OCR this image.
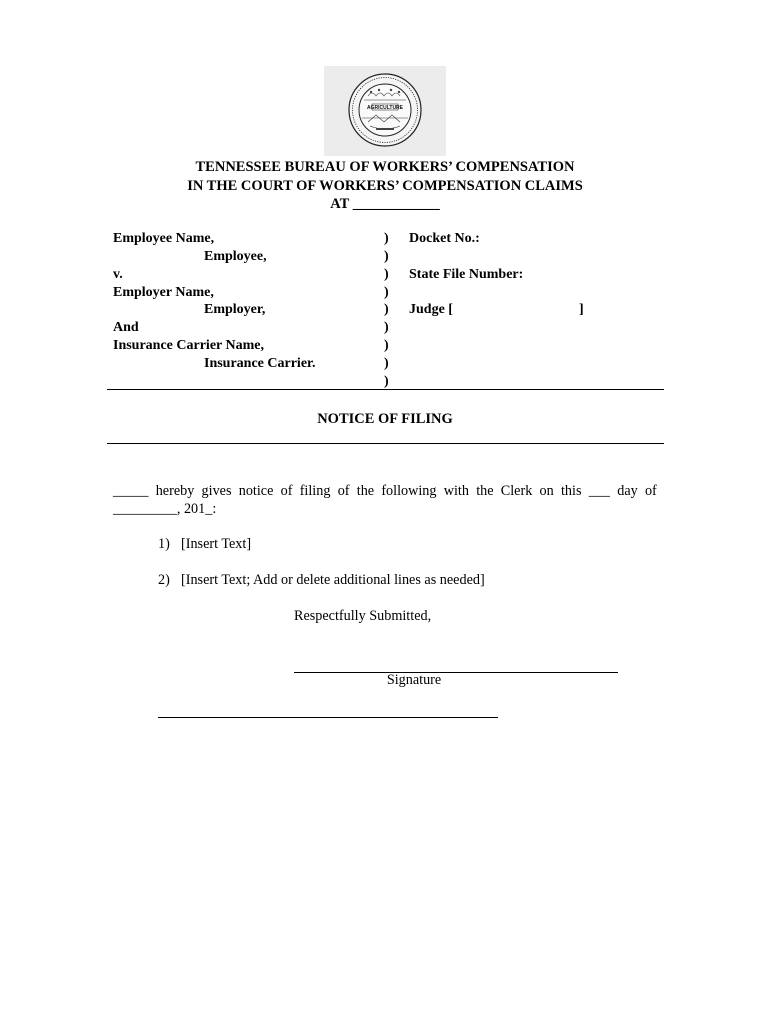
AGRICULTURE
TENNESSEE BUREAU OF WORKERS’ COMPENSATION
IN THE COURT OF WORKERS’ COMPENSATION CLAIMS
AT ____________
Employee Name,
Employee,
v.
Employer Name,
Employer,
And
Insurance Carrier Name,
Insurance Carrier.
)
)
)
)
)
)
)
)
)
Docket No.:
State File Number:
Judge [	]
NOTICE OF FILING
_____ hereby gives notice of filing of the following with the Clerk on this ___ day of
_________, 201_:
1) [Insert Text]
2) [Insert Text; Add or delete additional lines as needed]
Respectfully Submitted,
Signature
